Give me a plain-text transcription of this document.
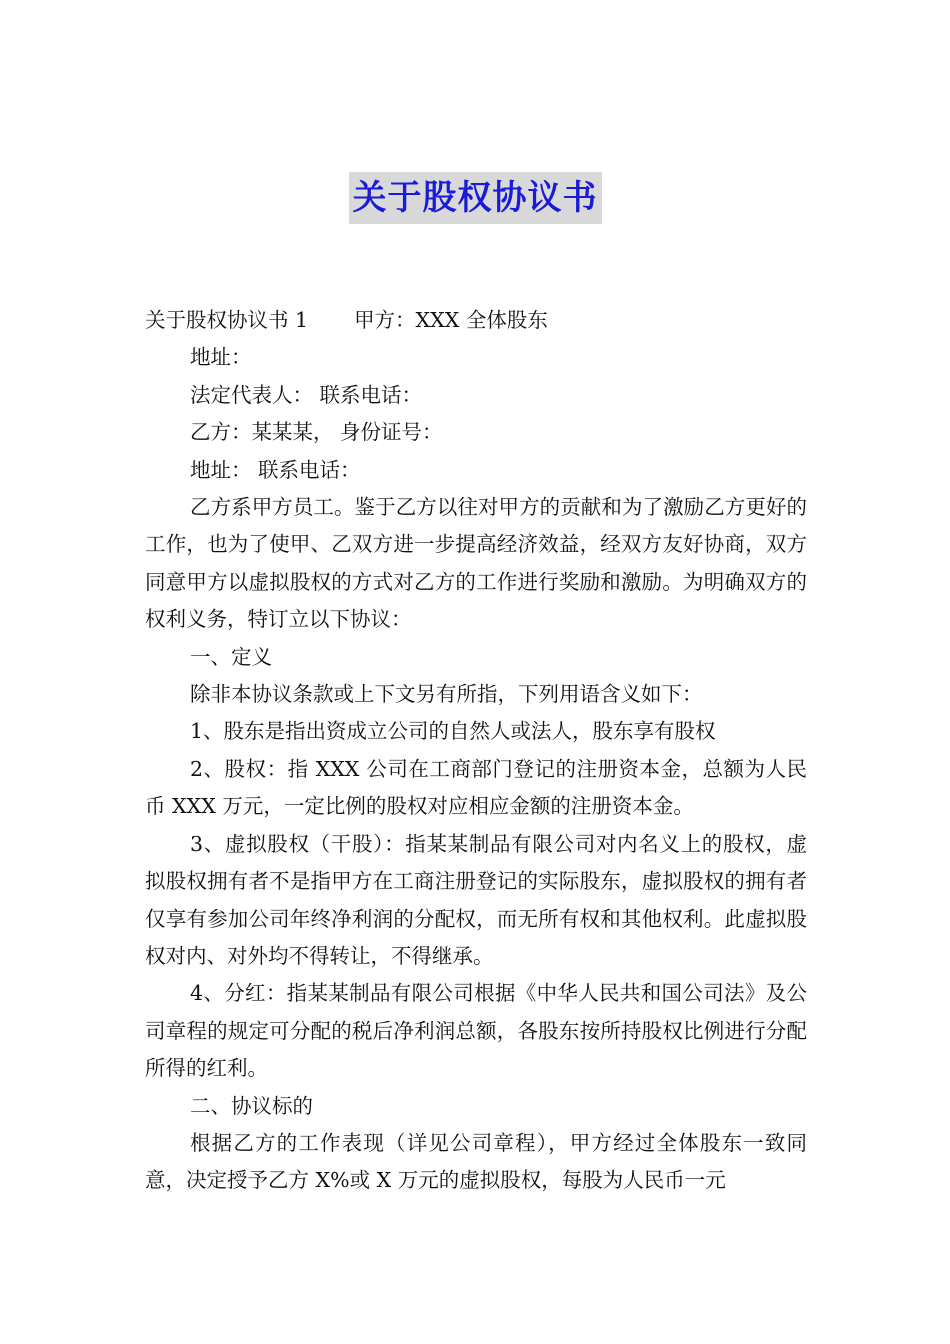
关于股权协议书

关于股权协议书 1 甲方：XXX 全体股东

地址：

法定代表人： 联系电话：

乙方：某某某， 身份证号：

地址： 联系电话：

乙方系甲方员工。鉴于乙方以往对甲方的贡献和为了激励乙方更好的工作，也为了使甲、乙双方进一步提高经济效益，经双方友好协商，双方同意甲方以虚拟股权的方式对乙方的工作进行奖励和激励。为明确双方的权利义务，特订立以下协议：

一、定义

除非本协议条款或上下文另有所指，下列用语含义如下：

1、股东是指出资成立公司的自然人或法人，股东享有股权

2、股权：指 XXX 公司在工商部门登记的注册资本金，总额为人民币 XXX 万元，一定比例的股权对应相应金额的注册资本金。

3、虚拟股权（干股）：指某某制品有限公司对内名义上的股权，虚拟股权拥有者不是指甲方在工商注册登记的实际股东，虚拟股权的拥有者仅享有参加公司年终净利润的分配权，而无所有权和其他权利。此虚拟股权对内、对外均不得转让，不得继承。

4、分红：指某某制品有限公司根据《中华人民共和国公司法》及公司章程的规定可分配的税后净利润总额，各股东按所持股权比例进行分配所得的红利。

二、协议标的

根据乙方的工作表现（详见公司章程），甲方经过全体股东一致同意，决定授予乙方 X%或 X 万元的虚拟股权，每股为人民币一元
